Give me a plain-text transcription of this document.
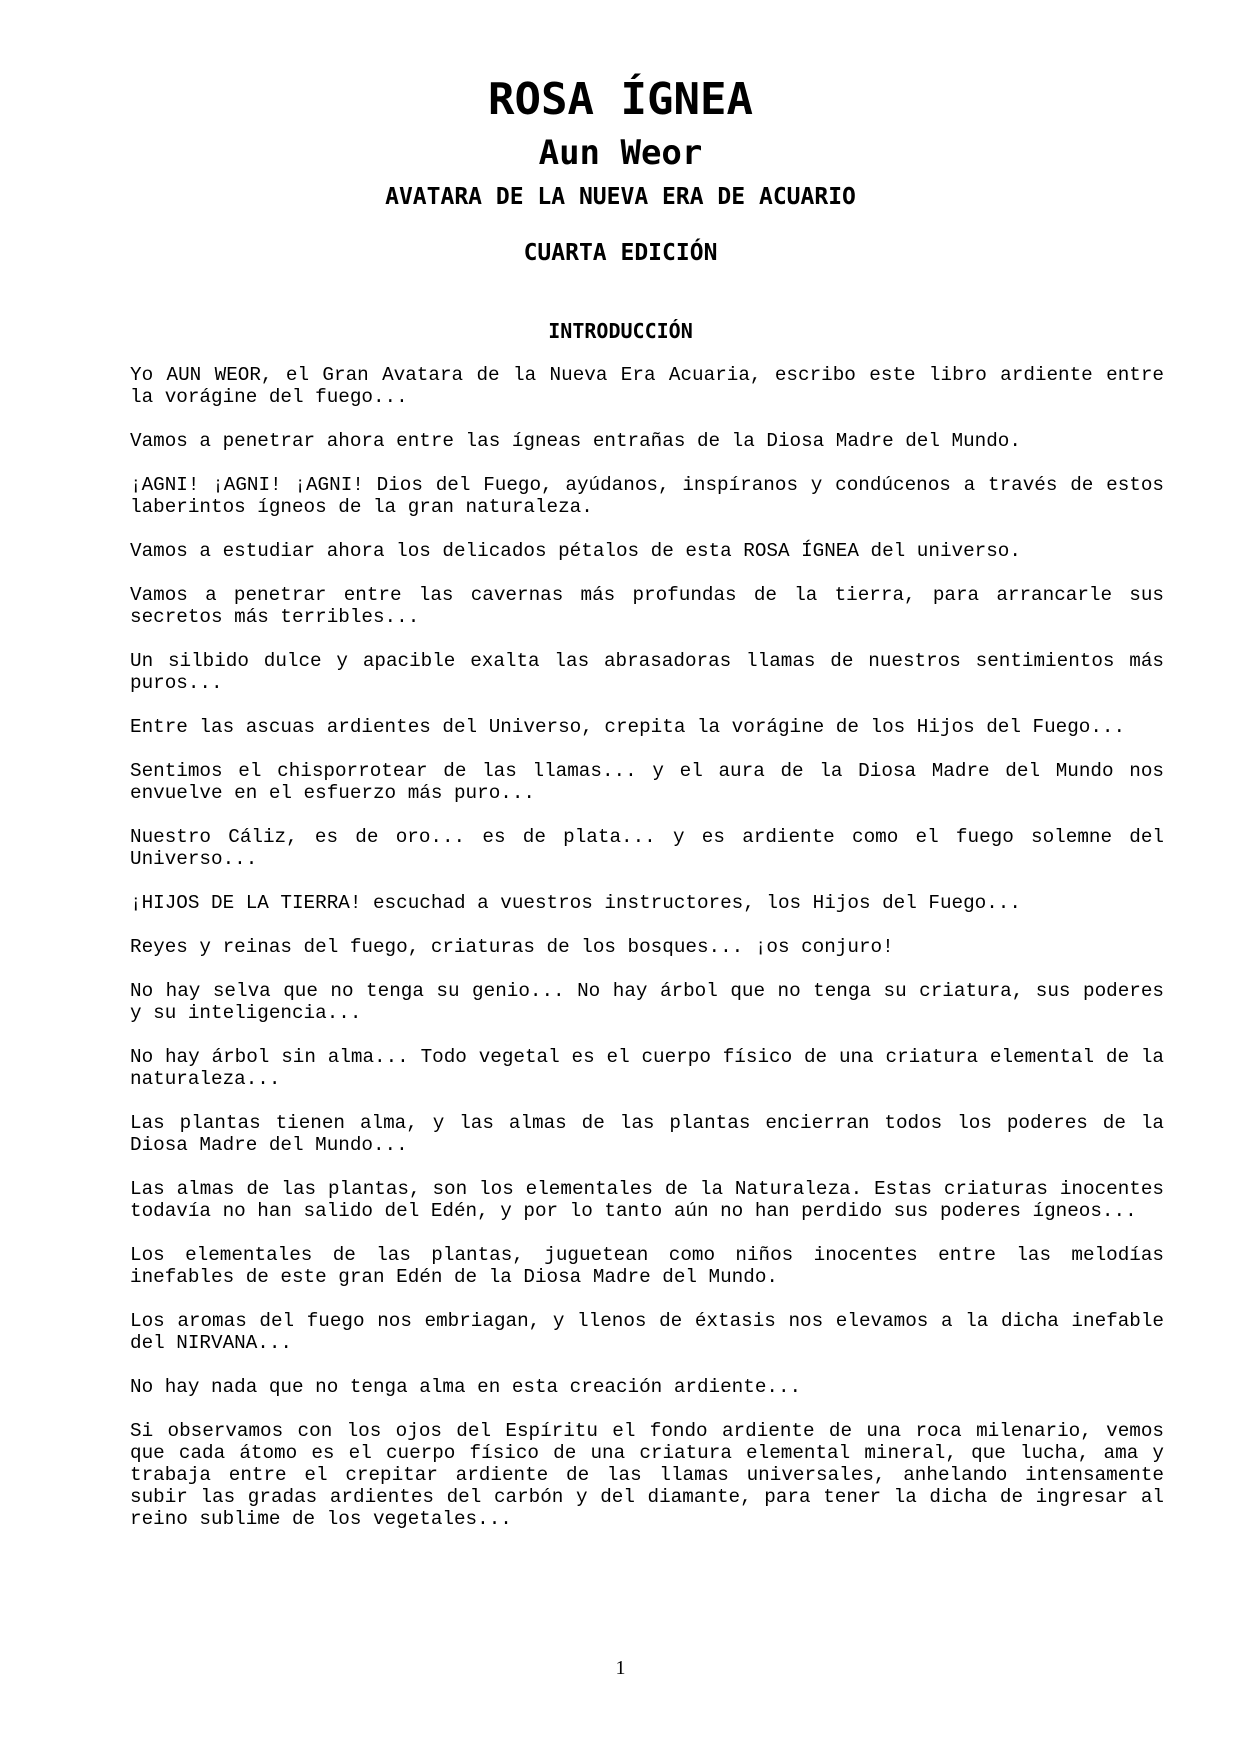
ROSA ÍGNEA
Aun Weor
AVATARA DE LA NUEVA ERA DE ACUARIO
CUARTA EDICIÓN
INTRODUCCIÓN

Yo AUN WEOR, el Gran Avatara de la Nueva Era Acuaria, escribo este libro ardiente entre la vorágine del fuego...

Vamos a penetrar ahora entre las ígneas entrañas de la Diosa Madre del Mundo.

¡AGNI! ¡AGNI! ¡AGNI! Dios del Fuego, ayúdanos, inspíranos y condúcenos a través de estos laberintos ígneos de la gran naturaleza.

Vamos a estudiar ahora los delicados pétalos de esta ROSA ÍGNEA del universo.

Vamos a penetrar entre las cavernas más profundas de la tierra, para arrancarle sus secretos más terribles...

Un silbido dulce y apacible exalta las abrasadoras llamas de nuestros sentimientos más puros...

Entre las ascuas ardientes del Universo, crepita la vorágine de los Hijos del Fuego...

Sentimos el chisporrotear de las llamas... y el aura de la Diosa Madre del Mundo nos envuelve en el esfuerzo más puro...

Nuestro Cáliz, es de oro... es de plata... y es ardiente como el fuego solemne del Universo...

¡HIJOS DE LA TIERRA! escuchad a vuestros instructores, los Hijos del Fuego...

Reyes y reinas del fuego, criaturas de los bosques... ¡os conjuro!

No hay selva que no tenga su genio... No hay árbol que no tenga su criatura, sus poderes y su inteligencia...

No hay árbol sin alma... Todo vegetal es el cuerpo físico de una criatura elemental de la naturaleza...

Las plantas tienen alma, y las almas de las plantas encierran todos los poderes de la Diosa Madre del Mundo...

Las almas de las plantas, son los elementales de la Naturaleza. Estas criaturas inocentes todavía no han salido del Edén, y por lo tanto aún no han perdido sus poderes ígneos...

Los elementales de las plantas, juguetean como niños inocentes entre las melodías inefables de este gran Edén de la Diosa Madre del Mundo.

Los aromas del fuego nos embriagan, y llenos de éxtasis nos elevamos a la dicha inefable del NIRVANA...

No hay nada que no tenga alma en esta creación ardiente...

Si observamos con los ojos del Espíritu el fondo ardiente de una roca milenario, vemos que cada átomo es el cuerpo físico de una criatura elemental mineral, que lucha, ama y trabaja entre el crepitar ardiente de las llamas universales, anhelando intensamente subir las gradas ardientes del carbón y del diamante, para tener la dicha de ingresar al reino sublime de los vegetales...

1
